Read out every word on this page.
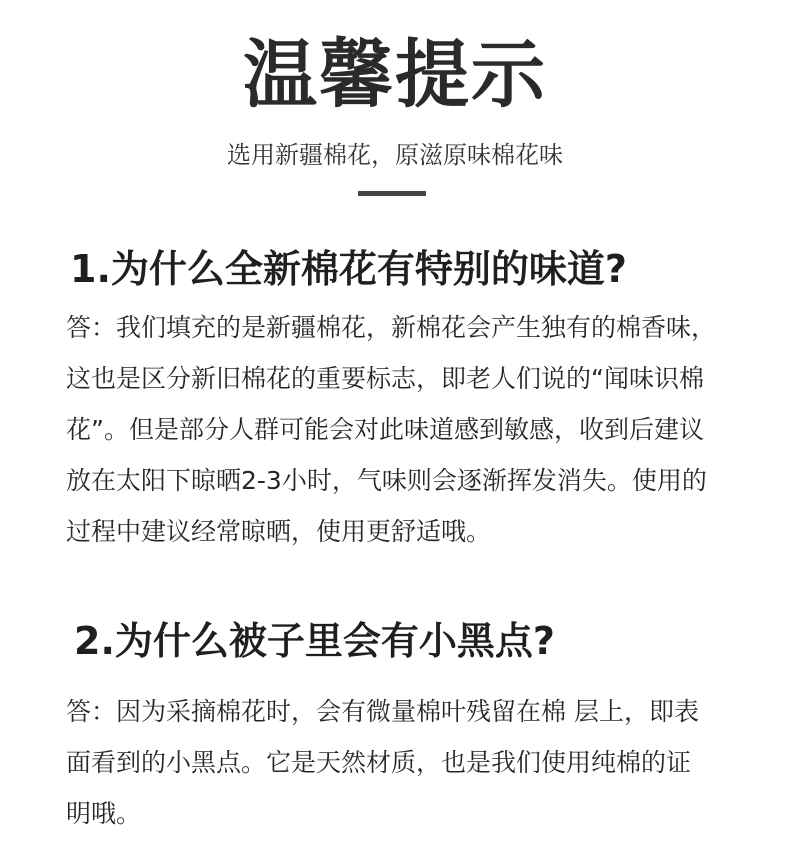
温馨提示
选用新疆棉花，原滋原味棉花味
1.为什么全新棉花有特别的味道?
答：我们填充的是新疆棉花，新棉花会产生独有的棉香味，
这也是区分新旧棉花的重要标志，即老人们说的“闻味识棉
花”。但是部分人群可能会对此味道感到敏感，收到后建议
放在太阳下晾晒2-3小时，气味则会逐渐挥发消失。使用的
过程中建议经常晾晒，使用更舒适哦。
2.为什么被子里会有小黑点?
答：因为采摘棉花时，会有微量棉叶残留在棉 层上，即表
面看到的小黑点。它是天然材质，也是我们使用纯棉的证
明哦。
